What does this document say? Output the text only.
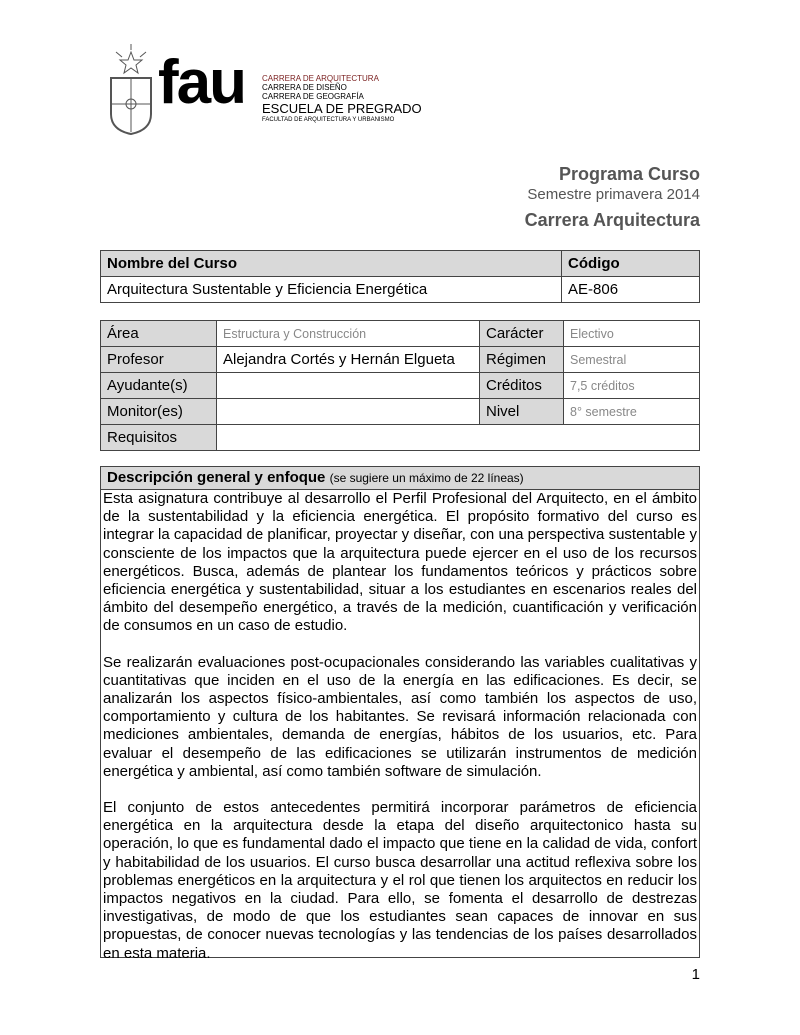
fau	CARRERA DE ARQUITECTURA
CARRERA DE DISEÑO
CARRERA DE GEOGRAFÍA
ESCUELA DE PREGRADO
FACULTAD DE ARQUITECTURA Y URBANISMO
Programa Curso
Semestre primavera 2014
Carrera Arquitectura
Nombre del Curso	Código
Arquitectura Sustentable y Eficiencia Energética	AE-806
Área	Estructura y Construcción	Carácter	Electivo
Profesor	Alejandra Cortés y Hernán Elgueta	Régimen	Semestral
Ayudante(s)		Créditos	7,5 créditos
Monitor(es)		Nivel	8° semestre
Requisitos			
Descripción general y enfoque (se sugiere un máximo de 22 líneas)

Esta asignatura contribuye al desarrollo el Perfil Profesional del Arquitecto, en el ámbito de la sustentabilidad y la eficiencia energética. El propósito formativo del curso es integrar la capacidad de planificar, proyectar y diseñar, con una perspectiva sustentable y consciente de los impactos que la arquitectura puede ejercer en el uso de los recursos energéticos. Busca, además de plantear los fundamentos teóricos y prácticos sobre eficiencia energética y sustentabilidad, situar a los estudiantes en escenarios reales del ámbito del desempeño energético, a través de la medición, cuantificación y verificación de consumos en un caso de estudio.

Se realizarán evaluaciones post-ocupacionales considerando las variables cualitativas y cuantitativas que inciden en el uso de la energía en las edificaciones. Es decir, se analizarán los aspectos físico-ambientales, así como también los aspectos de uso, comportamiento y cultura de los habitantes. Se revisará información relacionada con mediciones ambientales, demanda de energías, hábitos de los usuarios, etc. Para evaluar el desempeño de las edificaciones se utilizarán instrumentos de medición energética y ambiental, así como también software de simulación.

El conjunto de estos antecedentes permitirá incorporar parámetros de eficiencia energética en la arquitectura desde la etapa del diseño arquitectonico hasta su operación, lo que es fundamental dado el impacto que tiene en la calidad de vida, confort y habitabilidad de los usuarios. El curso busca desarrollar una actitud reflexiva sobre los problemas energéticos en la arquitectura y el rol que tienen los arquitectos en reducir los impactos negativos en la ciudad. Para ello, se fomenta el desarrollo de destrezas investigativas, de modo de que los estudiantes sean capaces de innovar en sus propuestas, de conocer nuevas tecnologías y las tendencias de los países desarrollados en esta materia.

1
